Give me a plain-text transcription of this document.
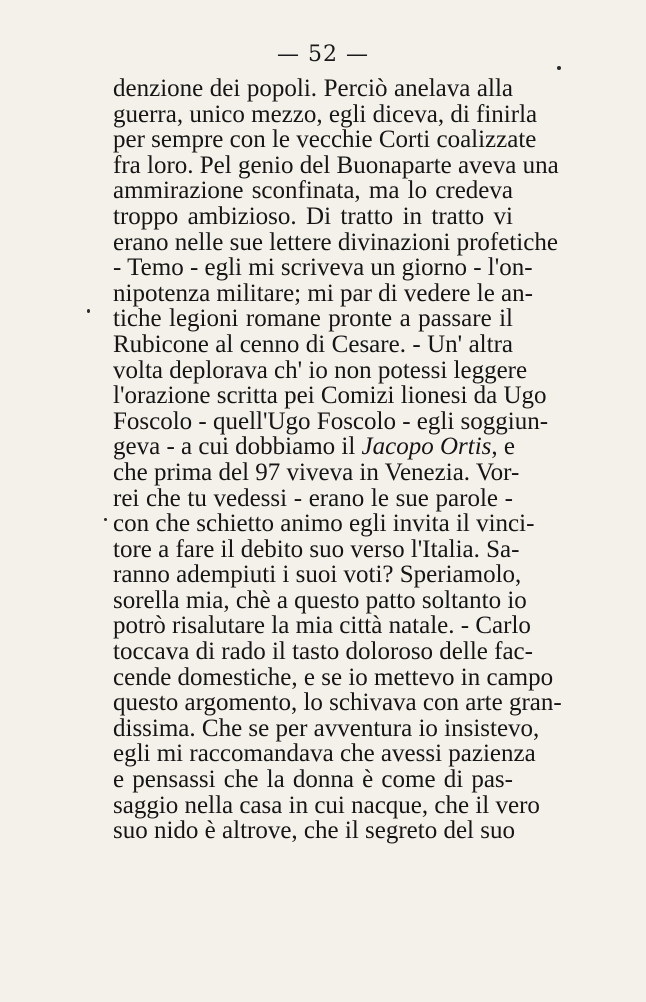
— 52 —
denzione dei popoli. Perciò anelava alla
guerra, unico mezzo, egli diceva, di finirla
per sempre con le vecchie Corti coalizzate
fra loro. Pel genio del Buonaparte aveva una
ammirazione sconfinata, ma lo credeva
troppo ambizioso. Di tratto in tratto vi
erano nelle sue lettere divinazioni profetiche
- Temo - egli mi scriveva un giorno - l'on-
nipotenza militare; mi par di vedere le an-
tiche legioni romane pronte a passare il
Rubicone al cenno di Cesare. - Un' altra
volta deplorava ch' io non potessi leggere
l'orazione scritta pei Comizi lionesi da Ugo
Foscolo - quell'Ugo Foscolo - egli soggiun-
geva - a cui dobbiamo il Jacopo Ortis, e
che prima del 97 viveva in Venezia. Vor-
rei che tu vedessi - erano le sue parole -
con che schietto animo egli invita il vinci-
tore a fare il debito suo verso l'Italia. Sa-
ranno adempiuti i suoi voti? Speriamolo,
sorella mia, chè a questo patto soltanto io
potrò risalutare la mia città natale. - Carlo
toccava di rado il tasto doloroso delle fac-
cende domestiche, e se io mettevo in campo
questo argomento, lo schivava con arte gran-
dissima. Che se per avventura io insistevo,
egli mi raccomandava che avessi pazienza
e pensassi che la donna è come di pas-
saggio nella casa in cui nacque, che il vero
suo nido è altrove, che il segreto del suo
